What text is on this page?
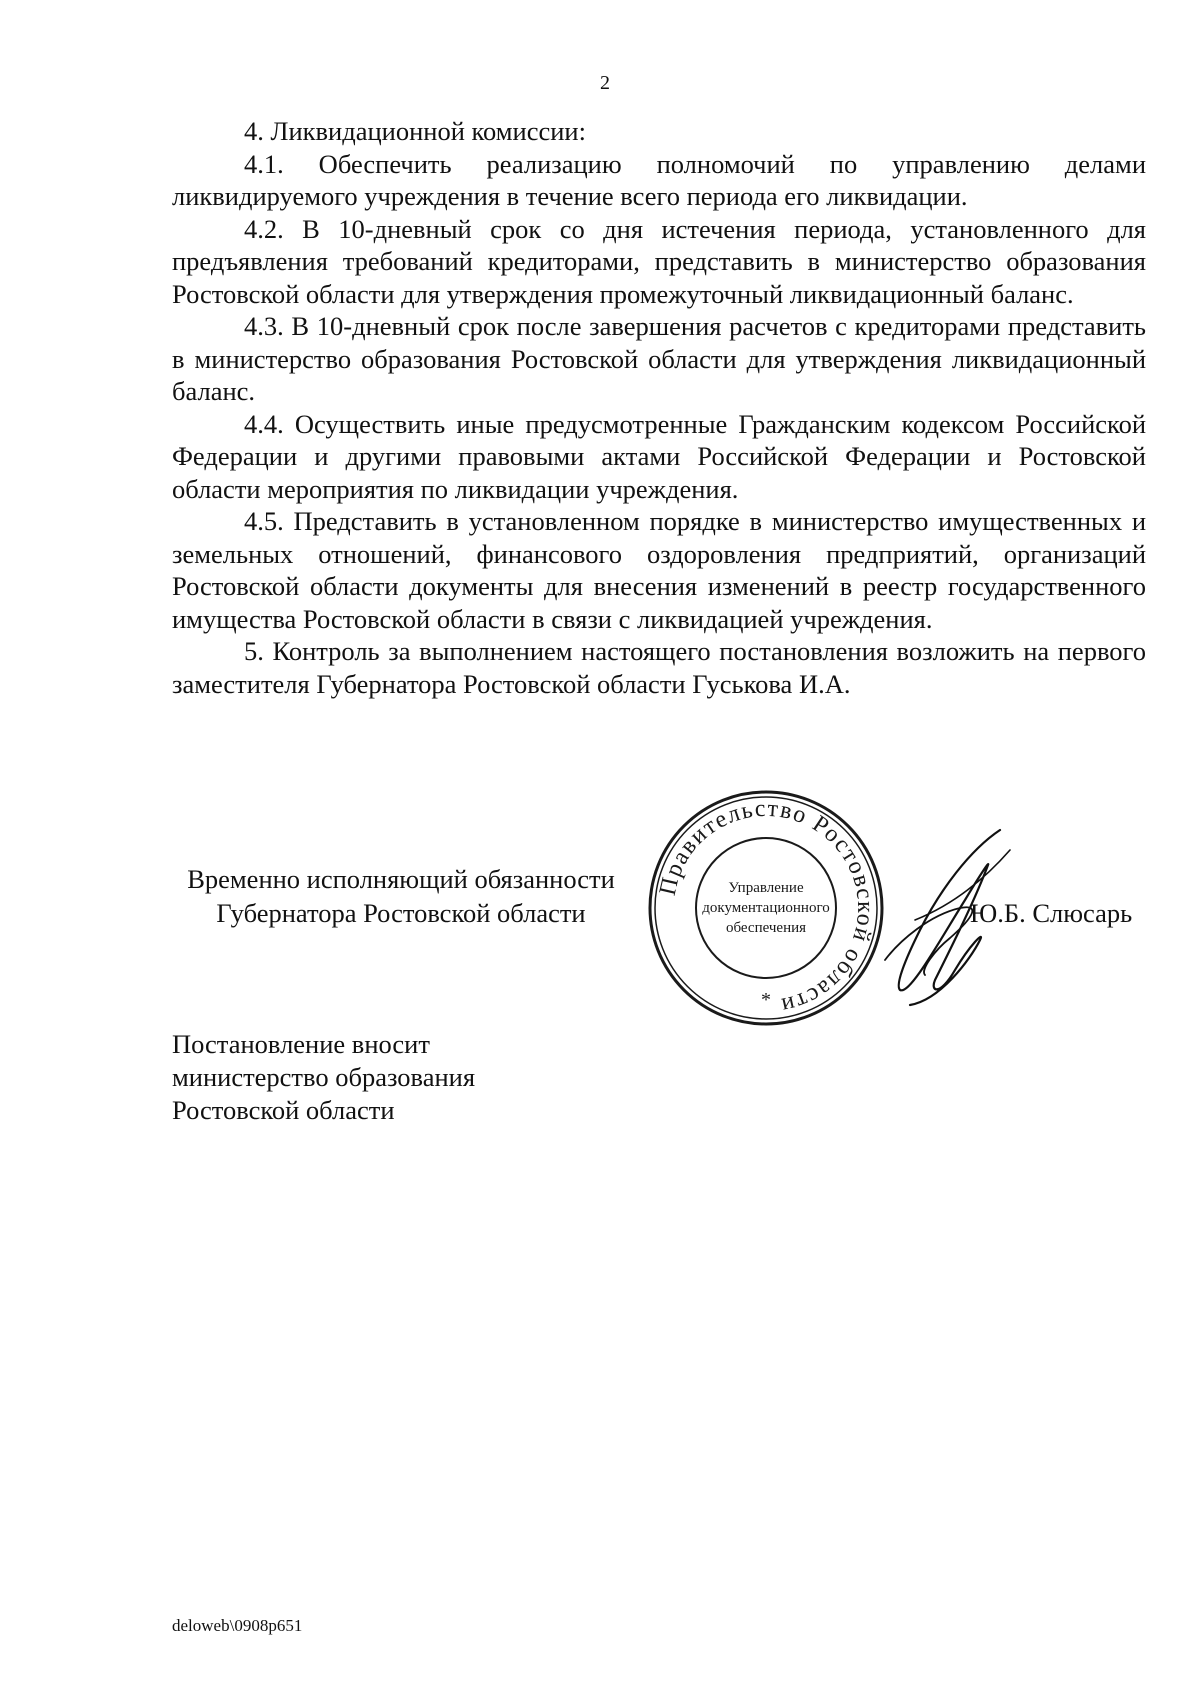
2

4. Ликвидационной комиссии:

4.1. Обеспечить реализацию полномочий по управлению делами ликвидируемого учреждения в течение всего периода его ликвидации.

4.2. В 10-дневный срок со дня истечения периода, установленного для предъявления требований кредиторами, представить в министерство образования Ростовской области для утверждения промежуточный ликвидационный баланс.

4.3. В 10-дневный срок после завершения расчетов с кредиторами представить в министерство образования Ростовской области для утверждения ликвидационный баланс.

4.4. Осуществить иные предусмотренные Гражданским кодексом Российской Федерации и другими правовыми актами Российской Федерации и Ростовской области мероприятия по ликвидации учреждения.

4.5. Представить в установленном порядке в министерство имущественных и земельных отношений, финансового оздоровления предприятий, организаций Ростовской области документы для внесения изменений в реестр государственного имущества Ростовской области в связи с ликвидацией учреждения.

5. Контроль за выполнением настоящего постановления возложить на первого заместителя Губернатора Ростовской области Гуськова И.А.

Временно исполняющий обязанности
Губернатора Ростовской области
Правительство Ростовской области
Управление
документационного
обеспечения
*
Ю.Б. Слюсарь
Постановление вносит
министерство образования
Ростовской области
deloweb\0908p651
